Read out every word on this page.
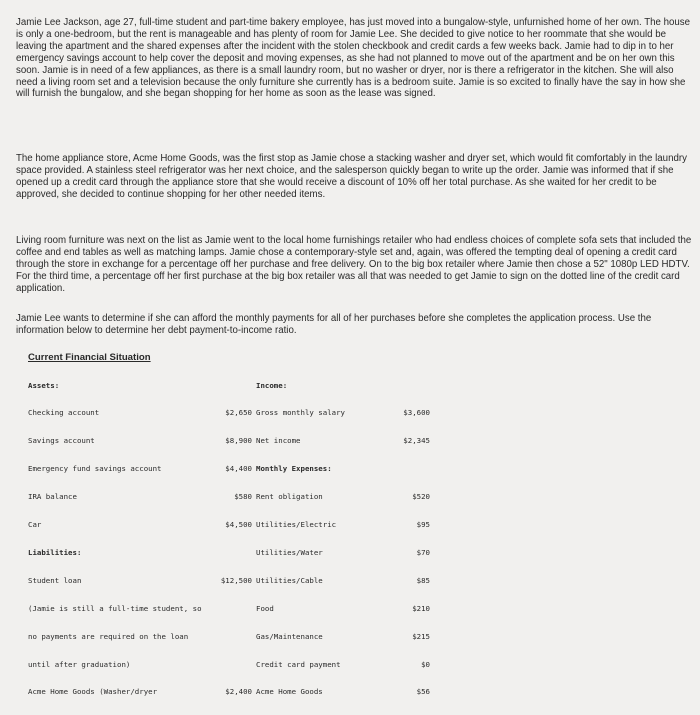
Jamie Lee Jackson, age 27, full-time student and part-time bakery employee, has just moved into a bungalow-style, unfurnished home of her own. The house is only a one-bedroom, but the rent is manageable and has plenty of room for Jamie Lee. She decided to give notice to her roommate that she would be leaving the apartment and the shared expenses after the incident with the stolen checkbook and credit cards a few weeks back. Jamie had to dip in to her emergency savings account to help cover the deposit and moving expenses, as she had not planned to move out of the apartment and be on her own this soon. Jamie is in need of a few appliances, as there is a small laundry room, but no washer or dryer, nor is there a refrigerator in the kitchen. She will also need a living room set and a television because the only furniture she currently has is a bedroom suite. Jamie is so excited to finally have the say in how she will furnish the bungalow, and she began shopping for her home as soon as the lease was signed.

The home appliance store, Acme Home Goods, was the first stop as Jamie chose a stacking washer and dryer set, which would fit comfortably in the laundry space provided. A stainless steel refrigerator was her next choice, and the salesperson quickly began to write up the order. Jamie was informed that if she opened up a credit card through the appliance store that she would receive a discount of 10% off her total purchase. As she waited for her credit to be approved, she decided to continue shopping for her other needed items.

Living room furniture was next on the list as Jamie went to the local home furnishings retailer who had endless choices of complete sofa sets that included the coffee and end tables as well as matching lamps. Jamie chose a contemporary-style set and, again, was offered the tempting deal of opening a credit card through the store in exchange for a percentage off her purchase and free delivery. On to the big box retailer where Jamie then chose a 52" 1080p LED HDTV. For the third time, a percentage off her first purchase at the big box retailer was all that was needed to get Jamie to sign on the dotted line of the credit card application.

Jamie Lee wants to determine if she can afford the monthly payments for all of her purchases before she completes the application process. Use the information below to determine her debt payment-to-income ratio.

Current Financial Situation

Assets:

Checking account

Savings account

Emergency fund savings account

IRA balance

Car

Liabilities:

Student loan

(Jamie is still a full-time student, so

no payments are required on the loan

until after graduation)

Acme Home Goods (Washer/dryer

$2,650

$8,900

$4,400

$580

$4,500

$12,500

$2,400

Income:

Gross monthly salary

Net income

Monthly Expenses:

Rent obligation

Utilities/Electric

Utilities/Water

Utilities/Cable

Food

Gas/Maintenance

Credit card payment

Acme Home Goods

$3,600

$2,345

$520

$95

$70

$85

$210

$215

$0

$56
